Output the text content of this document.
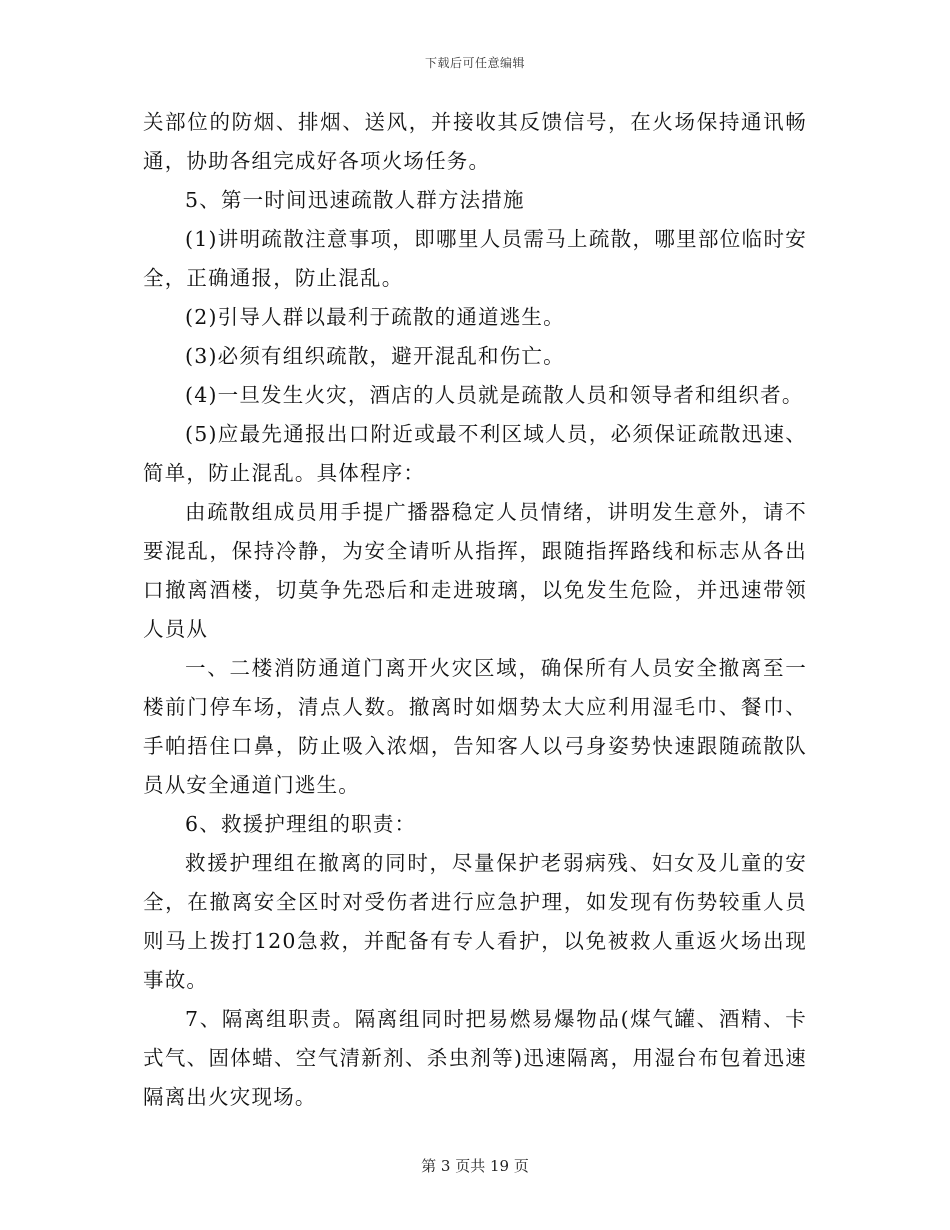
下载后可任意编辑

关部位的防烟、排烟、送风，并接收其反馈信号，在火场保持通讯畅通，协助各组完成好各项火场任务。

5、第一时间迅速疏散人群方法措施

(1)讲明疏散注意事项，即哪里人员需马上疏散，哪里部位临时安全，正确通报，防止混乱。

(2)引导人群以最利于疏散的通道逃生。

(3)必须有组织疏散，避开混乱和伤亡。

(4)一旦发生火灾，酒店的人员就是疏散人员和领导者和组织者。

(5)应最先通报出口附近或最不利区域人员，必须保证疏散迅速、简单，防止混乱。具体程序：

由疏散组成员用手提广播器稳定人员情绪，讲明发生意外，请不要混乱，保持冷静，为安全请听从指挥，跟随指挥路线和标志从各出口撤离酒楼，切莫争先恐后和走进玻璃，以免发生危险，并迅速带领人员从

一、二楼消防通道门离开火灾区域，确保所有人员安全撤离至一楼前门停车场，清点人数。撤离时如烟势太大应利用湿毛巾、餐巾、手帕捂住口鼻，防止吸入浓烟，告知客人以弓身姿势快速跟随疏散队员从安全通道门逃生。

6、救援护理组的职责：

救援护理组在撤离的同时，尽量保护老弱病残、妇女及儿童的安全，在撤离安全区时对受伤者进行应急护理，如发现有伤势较重人员则马上拨打120急救，并配备有专人看护，以免被救人重返火场出现事故。

7、隔离组职责。隔离组同时把易燃易爆物品(煤气罐、酒精、卡式气、固体蜡、空气清新剂、杀虫剂等)迅速隔离，用湿台布包着迅速隔离出火灾现场。

第 3 页共 19 页
